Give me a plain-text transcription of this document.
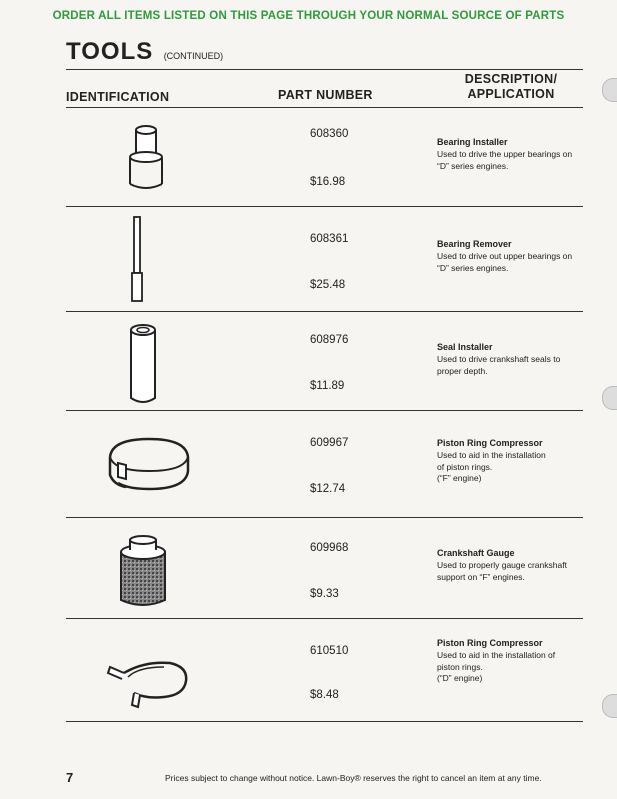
ORDER ALL ITEMS LISTED ON THIS PAGE THROUGH YOUR NORMAL SOURCE OF PARTS
TOOLS (CONTINUED)
IDENTIFICATION	PART NUMBER
DESCRIPTION/
APPLICATION
608360
$16.98
Bearing Installer
Used to drive the upper bearings on
“D” series engines.
608361
$25.48
Bearing Remover
Used to drive out upper bearings on
“D” series engines.
608976
$11.89
Seal Installer
Used to drive crankshaft seals to
proper depth.
609967
$12.74
Piston Ring Compressor
Used to aid in the installation
of piston rings.
(“F” engine)
609968
$9.33
Crankshaft Gauge
Used to properly gauge crankshaft
support on “F” engines.
610510
$8.48
Piston Ring Compressor
Used to aid in the installation of
piston rings.
(“D” engine)
7	Prices subject to change without notice. Lawn-Boy® reserves the right to cancel an item at any time.
